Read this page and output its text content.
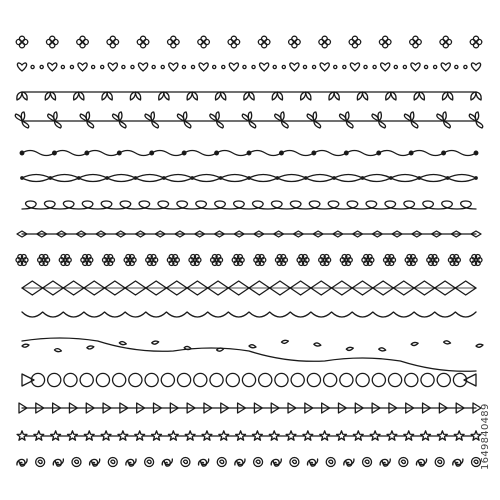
1649840489
